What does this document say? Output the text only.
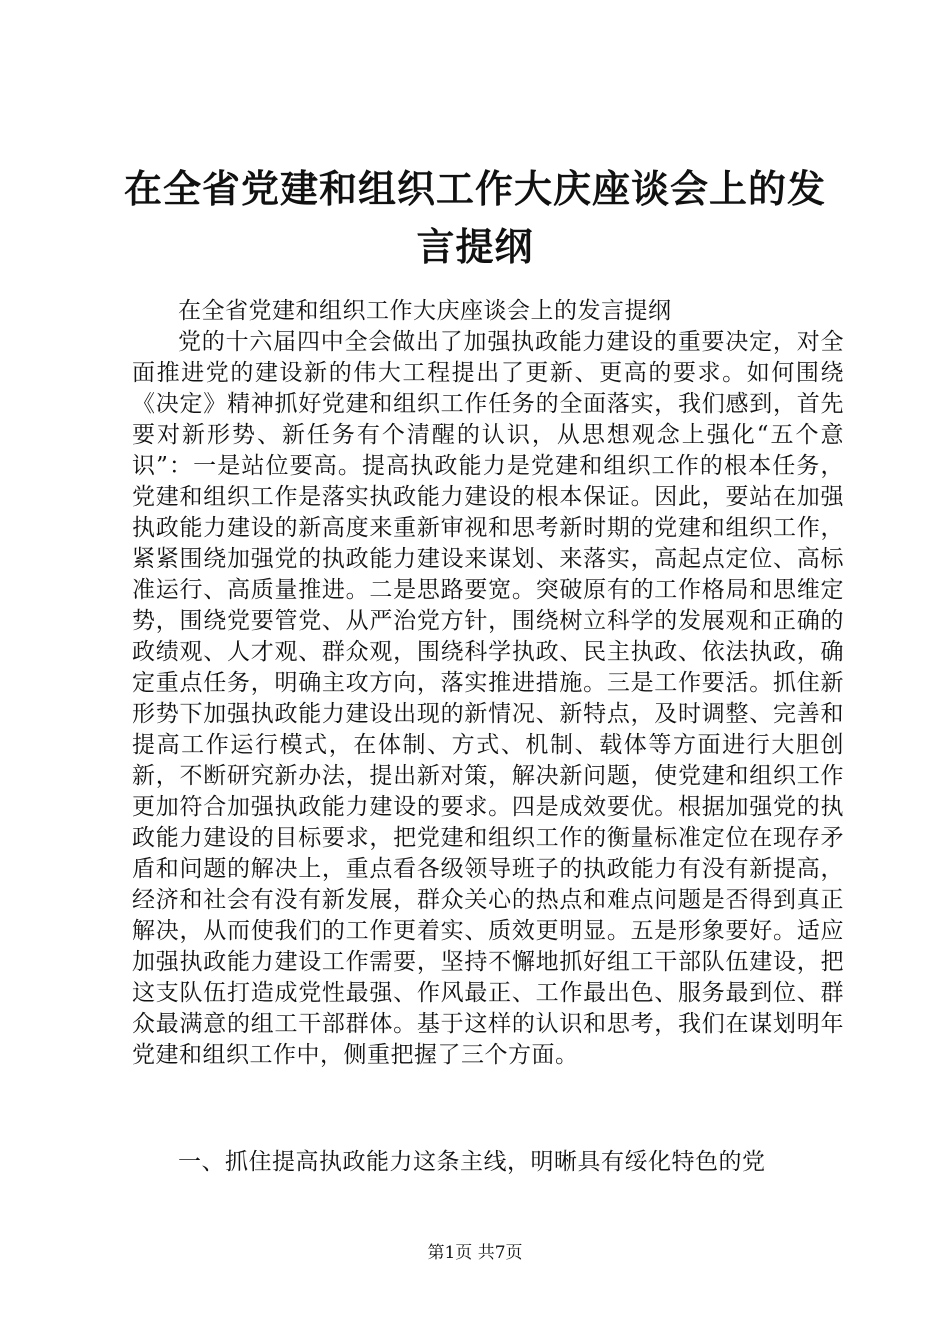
在全省党建和组织工作大庆座谈会上的发言提纲

在全省党建和组织工作大庆座谈会上的发言提纲

党的十六届四中全会做出了加强执政能力建设的重要决定，对全面推进党的建设新的伟大工程提出了更新、更高的要求。如何围绕《决定》精神抓好党建和组织工作任务的全面落实，我们感到，首先要对新形势、新任务有个清醒的认识，从思想观念上强化“五个意识”：一是站位要高。提高执政能力是党建和组织工作的根本任务，党建和组织工作是落实执政能力建设的根本保证。因此，要站在加强执政能力建设的新高度来重新审视和思考新时期的党建和组织工作，紧紧围绕加强党的执政能力建设来谋划、来落实，高起点定位、高标准运行、高质量推进。二是思路要宽。突破原有的工作格局和思维定势，围绕党要管党、从严治党方针，围绕树立科学的发展观和正确的政绩观、人才观、群众观，围绕科学执政、民主执政、依法执政，确定重点任务，明确主攻方向，落实推进措施。三是工作要活。抓住新形势下加强执政能力建设出现的新情况、新特点，及时调整、完善和提高工作运行模式，在体制、方式、机制、载体等方面进行大胆创新，不断研究新办法，提出新对策，解决新问题，使党建和组织工作更加符合加强执政能力建设的要求。四是成效要优。根据加强党的执政能力建设的目标要求，把党建和组织工作的衡量标准定位在现存矛盾和问题的解决上，重点看各级领导班子的执政能力有没有新提高，经济和社会有没有新发展，群众关心的热点和难点问题是否得到真正解决，从而使我们的工作更着实、质效更明显。五是形象要好。适应加强执政能力建设工作需要，坚持不懈地抓好组工干部队伍建设，把这支队伍打造成党性最强、作风最正、工作最出色、服务最到位、群众最满意的组工干部群体。基于这样的认识和思考，我们在谋划明年党建和组织工作中，侧重把握了三个方面。

一、抓住提高执政能力这条主线，明晰具有绥化特色的党

第1页 共7页
